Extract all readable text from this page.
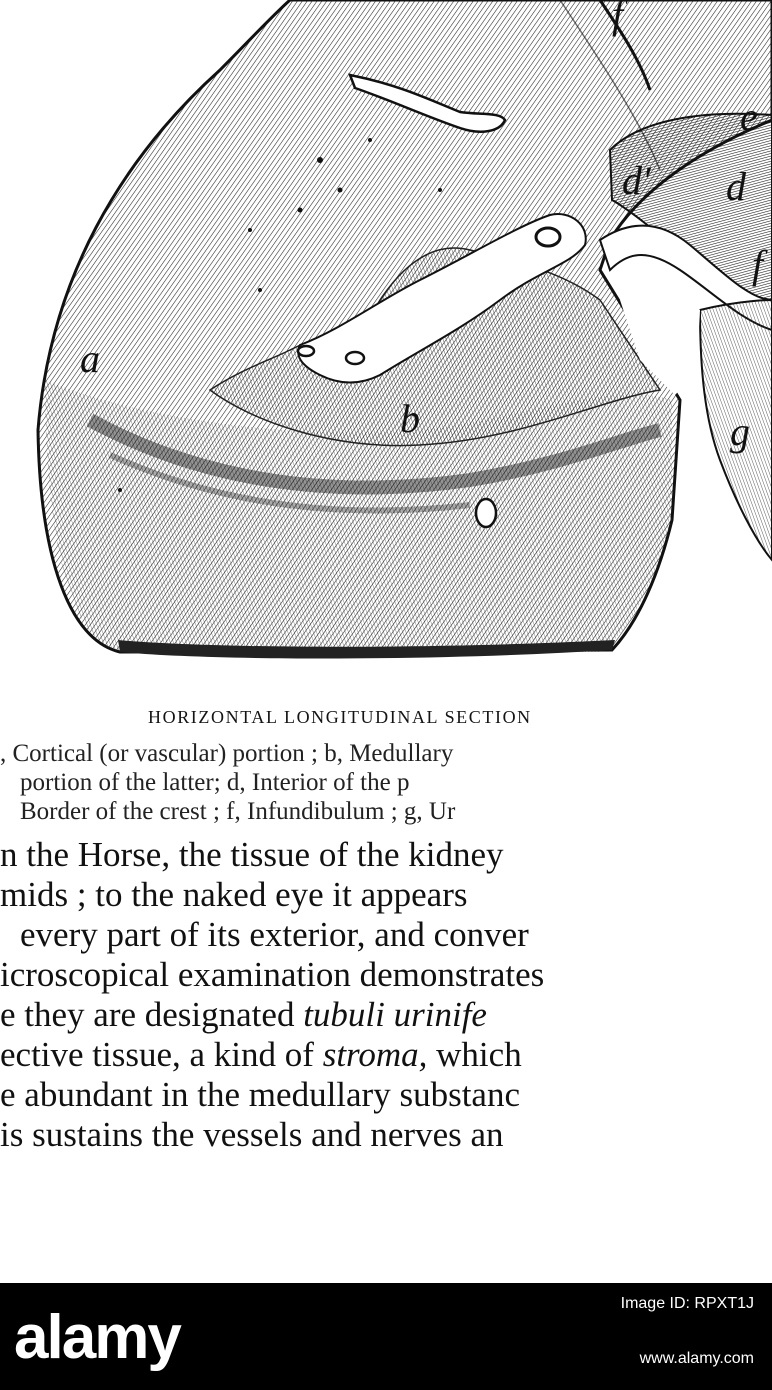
a
b
d′ d
e
f
f
g
HORIZONTAL LONGITUDINAL SECTION
, Cortical (or vascular) portion ; b, Medullary
portion of the latter; d, Interior of the p
Border of the crest ; f, Infundibulum ; g, Ur
n the Horse, the tissue of the kidney
mids ; to the naked eye it appears
every part of its exterior, and conver
icroscopical examination demonstrates
e they are designated tubuli urinife
ective tissue, a kind of stroma, which
e abundant in the medullary substanc
is sustains the vessels and nerves an
alamy	Image ID: RPXT1J
www.alamy.com
